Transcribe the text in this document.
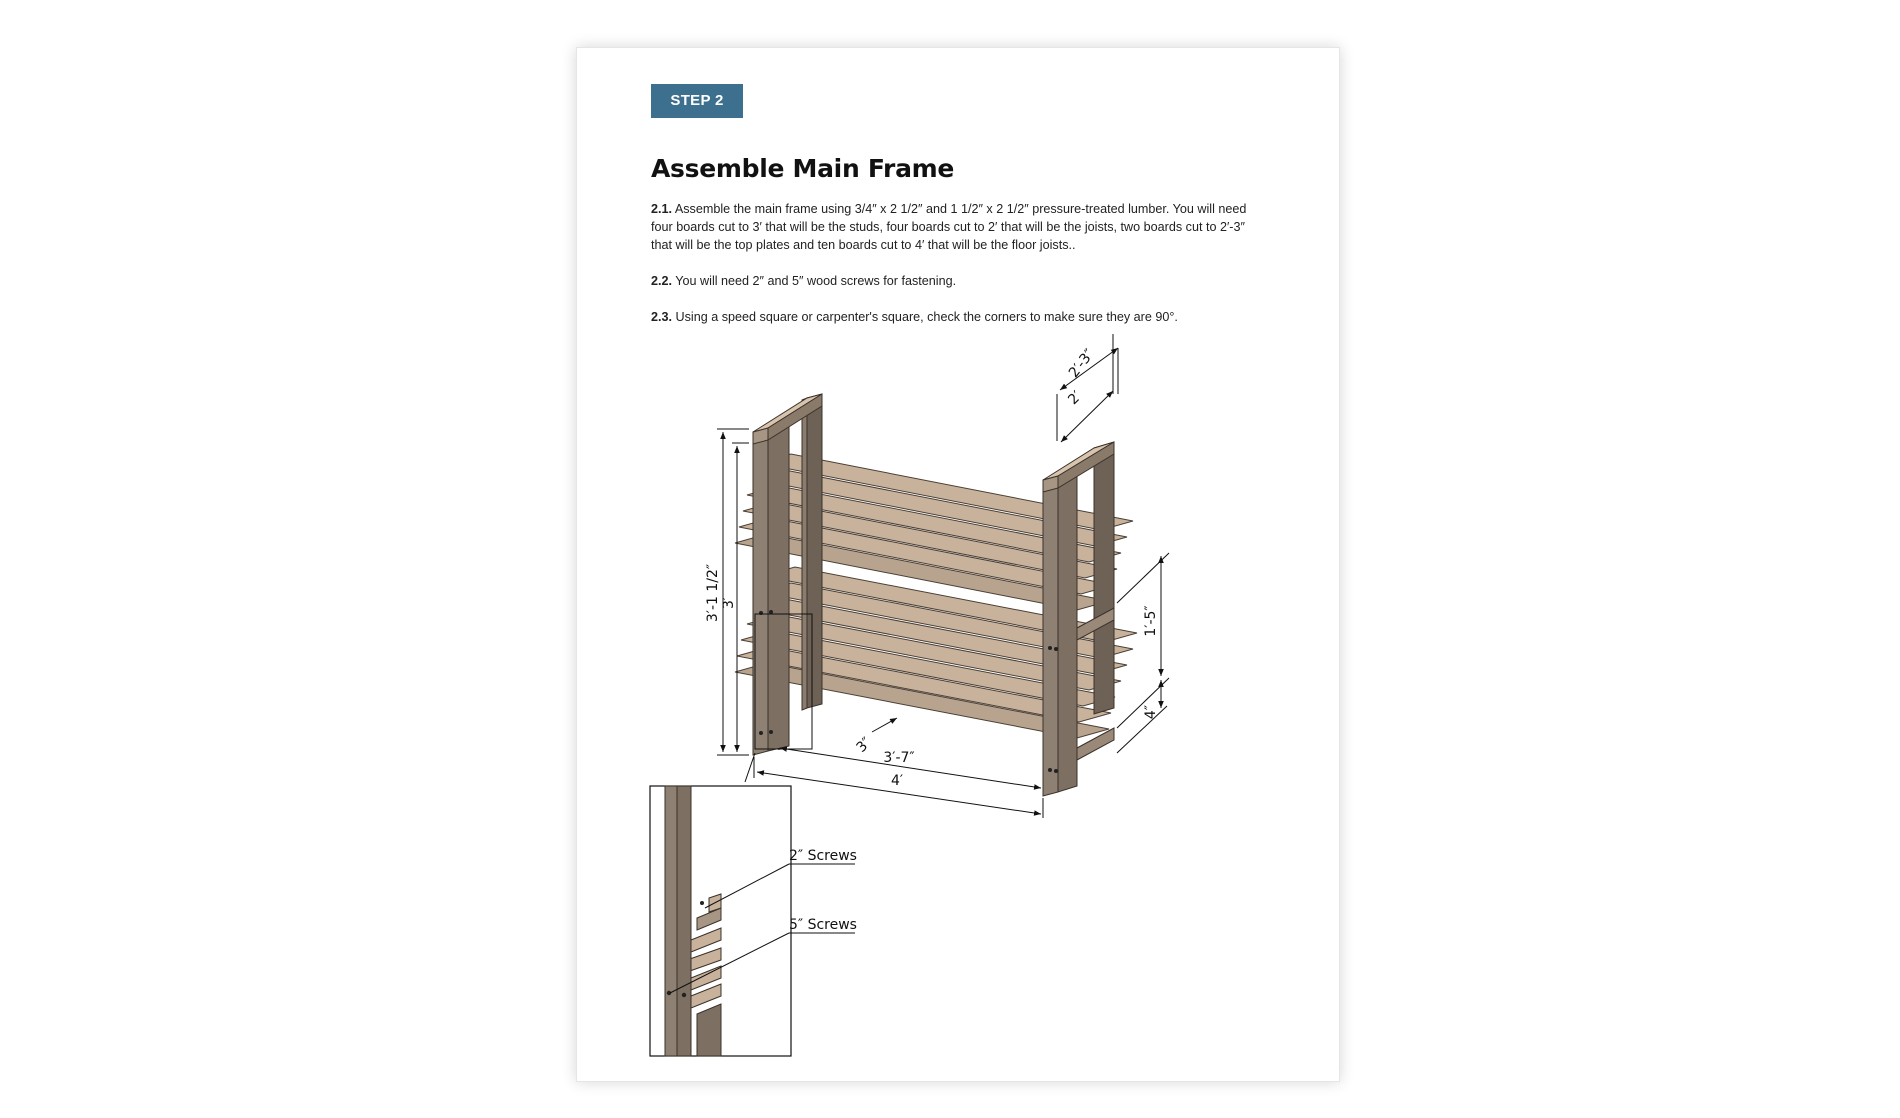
STEP 2
Assemble Main Frame

2.1. Assemble the main frame using 3/4″ x 2 1/2″ and 1 1/2″ x 2 1/2″ pressure-treated lumber. You will need four boards cut to 3′ that will be the studs, four boards cut to 2′ that will be the joists, two boards cut to 2′-3″ that will be the top plates and ten boards cut to 4′ that will be the floor joists..

2.2. You will need 2″ and 5″ wood screws for fastening.

2.3. Using a speed square or carpenter's square, check the corners to make sure they are 90°.

2′
2′-3″
3′-1 1/2″ 3′
1′-5″
4″
3″
3′-7″
4′
2″ Screws
5″ Screws
